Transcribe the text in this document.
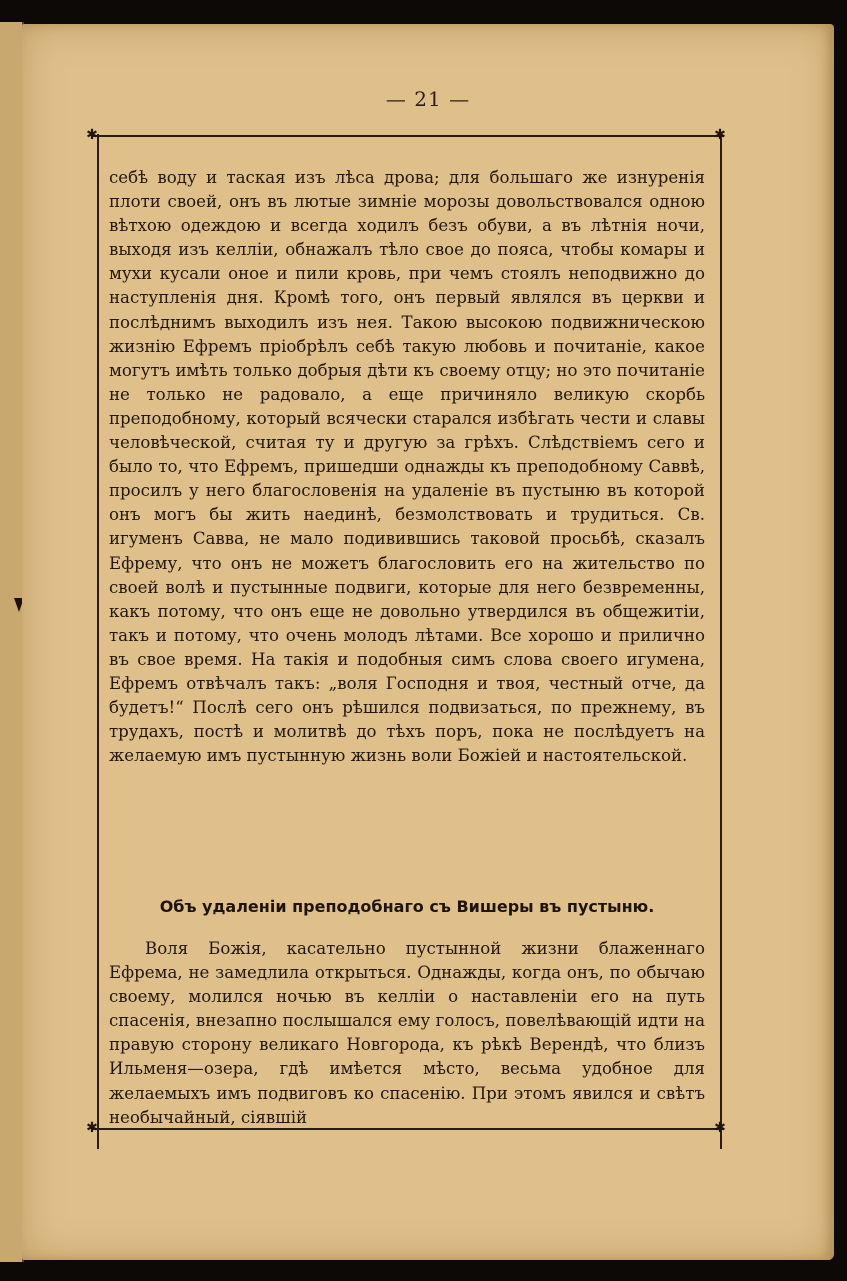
— 21 —
✱	✱
✱	✱

себѣ воду и таская изъ лѣса дрова; для большаго же изнуренія плоти своей, онъ въ лютые зимніе морозы довольствовался одною вѣтхою одеждою и всегда ходилъ безъ обуви, а въ лѣтнія ночи, выходя изъ келліи, обнажалъ тѣло свое до пояса, чтобы комары и мухи кусали оное и пили кровь, при чемъ стоялъ неподвижно до наступленія дня. Кромѣ того, онъ первый являлся въ церкви и послѣднимъ выходилъ изъ нея. Такою высокою подвижническою жизнію Ефремъ пріобрѣлъ себѣ такую любовь и почитаніе, какое могутъ имѣть только добрыя дѣти къ своему отцу; но это почитаніе не только не радовало, а еще причиняло великую скорбь преподобному, который всячески старался избѣгать чести и славы человѣческой, считая ту и другую за грѣхъ. Слѣдствіемъ сего и было то, что Ефремъ, пришедши однажды къ преподобному Саввѣ, просилъ у него благословенія на удаленіе въ пустыню въ которой онъ могъ бы жить наединѣ, безмолствовать и трудиться. Св. игуменъ Савва, не мало подивившись таковой просьбѣ, сказалъ Ефрему, что онъ не можетъ благословить его на жительство по своей волѣ и пустынные подвиги, которые для него безвременны, какъ потому, что онъ еще не довольно утвердился въ общежитіи, такъ и потому, что очень молодъ лѣтами. Все хорошо и прилично въ свое время. На такія и подобныя симъ слова своего игумена, Ефремъ отвѣчалъ такъ: „воля Господня и твоя, честный отче, да будетъ!“ Послѣ сего онъ рѣшился подвизаться, по прежнему, въ трудахъ, постѣ и молитвѣ до тѣхъ поръ, пока не послѣдуетъ на желаемую имъ пустынную жизнь воли Божіей и настоятельской.

Объ удаленіи преподобнаго съ Вишеры въ пустыню.

Воля Божія, касательно пустынной жизни блаженнаго Ефрема, не замедлила открыться. Однажды, когда онъ, по обычаю своему, молился ночью въ келліи о наставленіи его на путь спасенія, внезапно послышался ему голосъ, повелѣвающій идти на правую сторону великаго Новгорода, къ рѣкѣ Верендѣ, что близъ Ильменя—озера, гдѣ имѣется мѣсто, весьма удобное для желаемыхъ имъ подвиговъ ко спасенію. При этомъ явился и свѣтъ необычайный, сіявшій
